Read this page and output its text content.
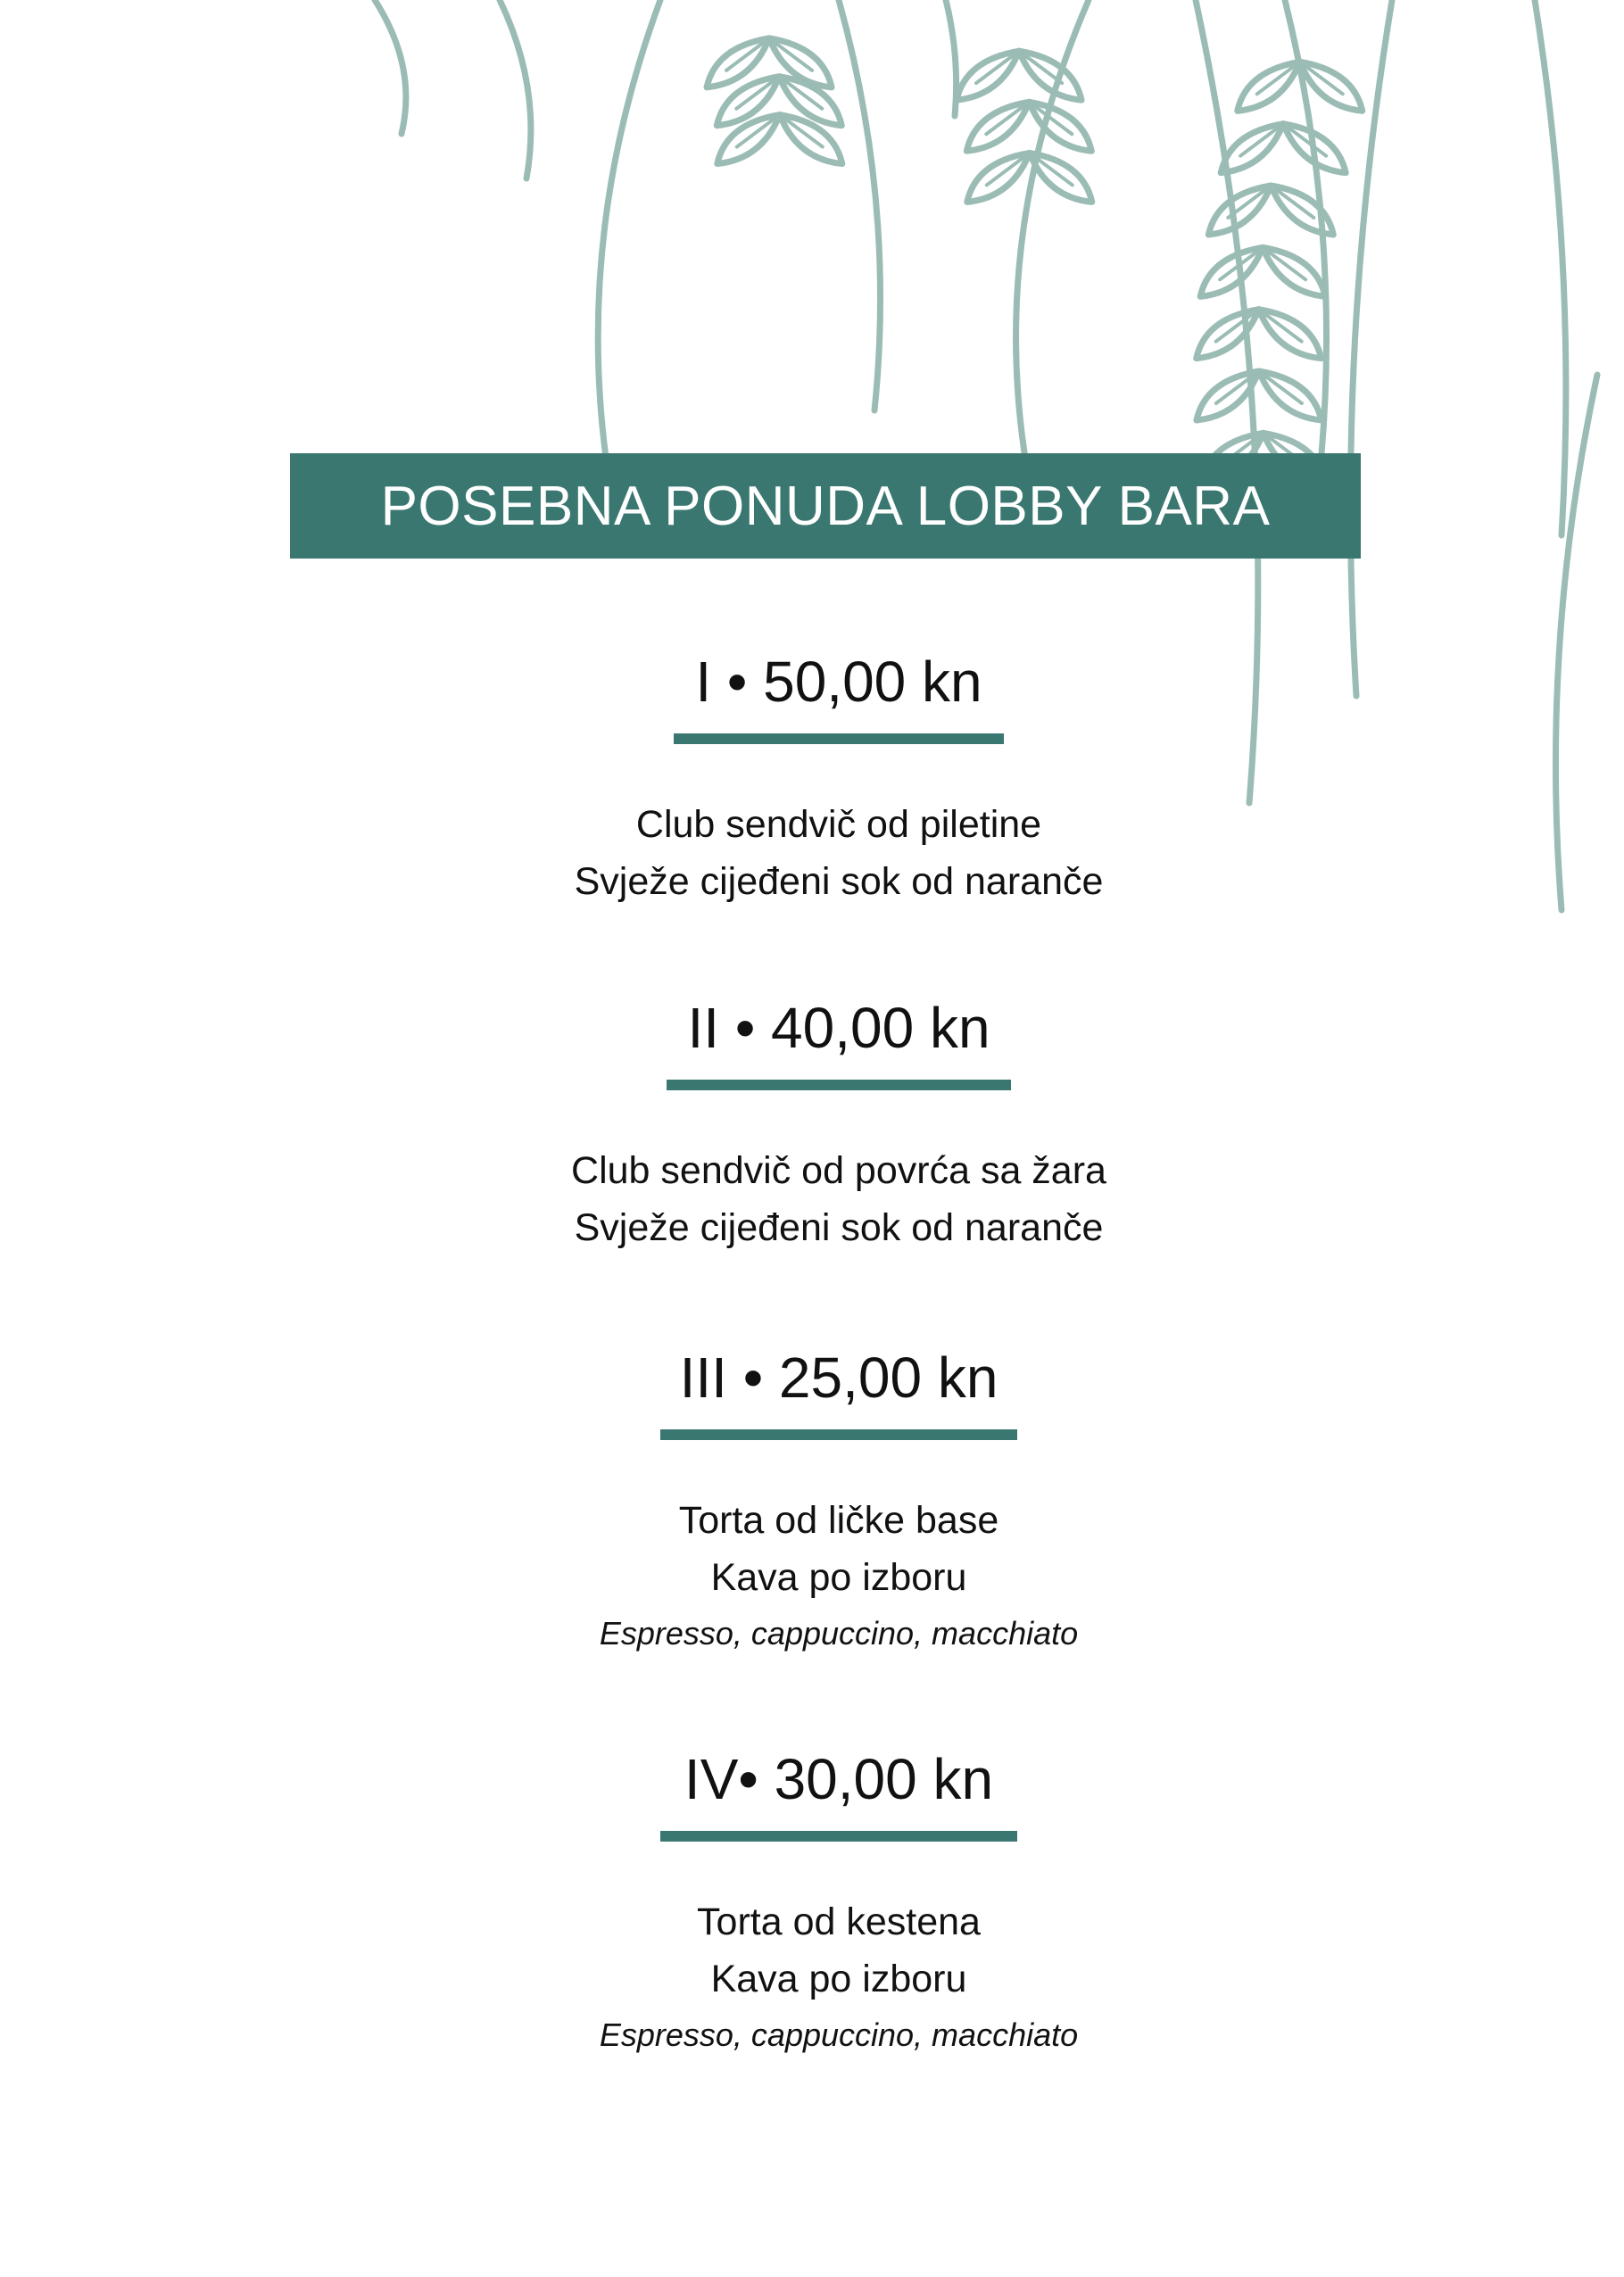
POSEBNA PONUDA LOBBY BARA
I • 50,00 kn
Club sendvič od piletine
Svježe cijeđeni sok od naranče
II • 40,00 kn
Club sendvič od povrća sa žara
Svježe cijeđeni sok od naranče
III • 25,00 kn
Torta od ličke base
Kava po izboru
Espresso, cappuccino, macchiato
IV• 30,00 kn
Torta od kestena
Kava po izboru
Espresso, cappuccino, macchiato
